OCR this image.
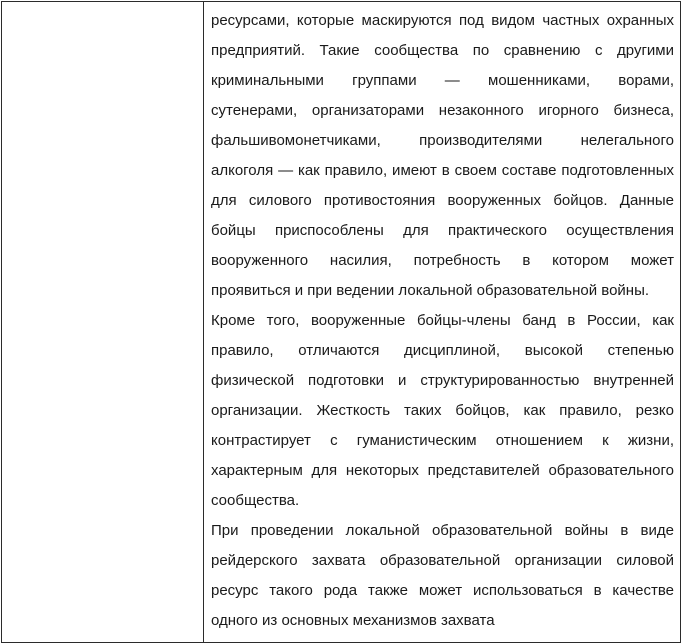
ресурсами, которые маскируются под видом частных охранных
предприятий. Такие сообщества по сравнению с другими
криминальными группами — мошенниками, ворами,
сутенерами, организаторами незаконного игорного бизнеса,
фальшивомонетчиками, производителями нелегального
алкоголя — как правило, имеют в своем составе подготовленных
для силового противостояния вооруженных бойцов. Данные
бойцы приспособлены для практического осуществления
вооруженного насилия, потребность в котором может
проявиться и при ведении локальной образовательной войны.

Кроме того, вооруженные бойцы-члены банд в России, как
правило, отличаются дисциплиной, высокой степенью
физической подготовки и структурированностью внутренней
организации. Жесткость таких бойцов, как правило, резко
контрастирует с гуманистическим отношением к жизни,
характерным для некоторых представителей образовательного
сообщества.

При проведении локальной образовательной войны в виде
рейдерского захвата образовательной организации силовой
ресурс такого рода также может использоваться в качестве
одного из основных механизмов захвата
